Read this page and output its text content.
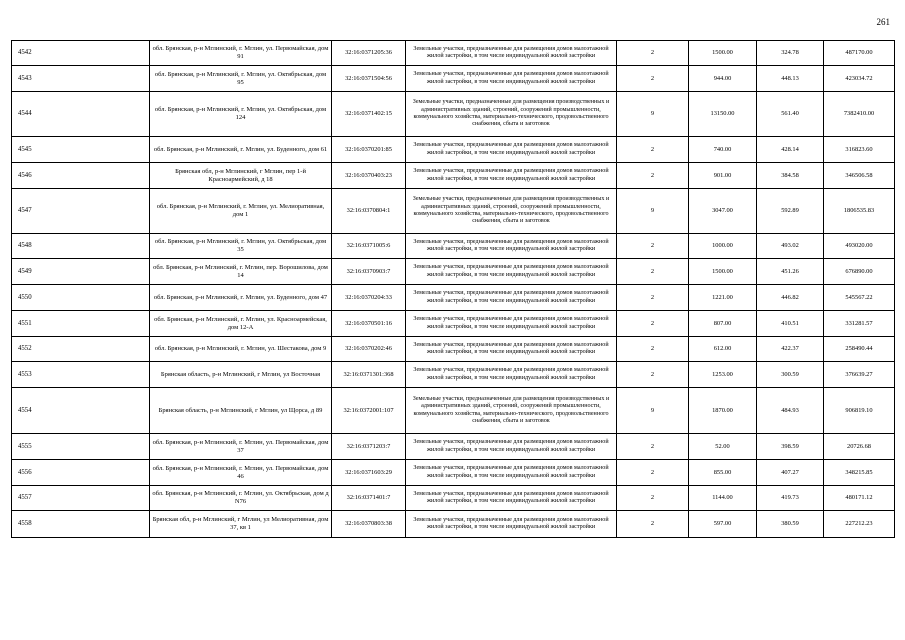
261
4542	обл. Брянская, р-н Мглинский, г. Мглин, ул. Первомайская, дом 91	32:16:0371205:36	Земельные участки, предназначенные для размещения домов малоэтажной жилой застройки, в том числе индивидуальной жилой застройки	2	1500.00	324.78	487170.00
4543	обл. Брянская, р-н Мглинский, г. Мглин, ул. Октябрьская, дом 95	32:16:0371504:56	Земельные участки, предназначенные для размещения домов малоэтажной жилой застройки, в том числе индивидуальной жилой застройки	2	944.00	448.13	423034.72
4544	обл. Брянская, р-н Мглинский, г. Мглин, ул. Октябрьская, дом 124	32:16:0371402:15	Земельные участки, предназначенные для размещения производственных и административных зданий, строений, сооружений промышленности, коммунального хозяйства, материально-технического, продовольственного снабжения, сбыта и заготовок	9	13150.00	561.40	7382410.00
4545	обл. Брянская, р-н Мглинский, г. Мглин, ул. Буденного, дом 61	32:16:0370201:85	Земельные участки, предназначенные для размещения домов малоэтажной жилой застройки, в том числе индивидуальной жилой застройки	2	740.00	428.14	316823.60
4546	Брянская обл, р-н Мглинский, г Мглин, пер 1-й Красноармейский, д 18	32:16:0370403:23	Земельные участки, предназначенные для размещения домов малоэтажной жилой застройки, в том числе индивидуальной жилой застройки	2	901.00	384.58	346506.58
4547	обл. Брянская, р-н Мглинский, г. Мглин, ул. Мелиоративная, дом 1	32:16:0370804:1	Земельные участки, предназначенные для размещения производственных и административных зданий, строений, сооружений промышленности, коммунального хозяйства, материально-технического, продовольственного снабжения, сбыта и заготовок	9	3047.00	592.89	1806535.83
4548	обл. Брянская, р-н Мглинский, г. Мглин, ул. Октябрьская, дом 35	32:16:0371005:6	Земельные участки, предназначенные для размещения домов малоэтажной жилой застройки, в том числе индивидуальной жилой застройки	2	1000.00	493.02	493020.00
4549	обл. Брянская, р-н Мглинский, г. Мглин, пер. Ворошилова, дом 14	32:16:0370903:7	Земельные участки, предназначенные для размещения домов малоэтажной жилой застройки, в том числе индивидуальной жилой застройки	2	1500.00	451.26	676890.00
4550	обл. Брянская, р-н Мглинский, г. Мглин, ул. Буденного, дом 47	32:16:0370204:33	Земельные участки, предназначенные для размещения домов малоэтажной жилой застройки, в том числе индивидуальной жилой застройки	2	1221.00	446.82	545567.22
4551	обл. Брянская, р-н Мглинский, г. Мглин, ул. Красноармейская, дом 12-А	32:16:0370501:16	Земельные участки, предназначенные для размещения домов малоэтажной жилой застройки, в том числе индивидуальной жилой застройки	2	807.00	410.51	331281.57
4552	обл. Брянская, р-н Мглинский, г. Мглин, ул. Шестакова, дом 9	32:16:0370202:46	Земельные участки, предназначенные для размещения домов малоэтажной жилой застройки, в том числе индивидуальной жилой застройки	2	612.00	422.37	258490.44
4553	Брянская область, р-н Мглинский, г Мглин, ул Восточная	32:16:0371301:368	Земельные участки, предназначенные для размещения домов малоэтажной жилой застройки, в том числе индивидуальной жилой застройки	2	1253.00	300.59	376639.27
4554	Брянская область, р-н Мглинский, г Мглин, ул Щорса, д 89	32:16:0372001:107	Земельные участки, предназначенные для размещения производственных и административных зданий, строений, сооружений промышленности, коммунального хозяйства, материально-технического, продовольственного снабжения, сбыта и заготовок	9	1870.00	484.93	906819.10
4555	обл. Брянская, р-н Мглинский, г. Мглин, ул. Первомайская, дом 37	32:16:0371203:7	Земельные участки, предназначенные для размещения домов малоэтажной жилой застройки, в том числе индивидуальной жилой застройки	2	52.00	398.59	20726.68
4556	обл. Брянская, р-н Мглинский, г. Мглин, ул. Первомайская, дом 46	32:16:0371603:29	Земельные участки, предназначенные для размещения домов малоэтажной жилой застройки, в том числе индивидуальной жилой застройки	2	855.00	407.27	348215.85
4557	обл. Брянская, р-н Мглинский, г. Мглин, ул. Октябрьская, дом д N76	32:16:0371401:7	Земельные участки, предназначенные для размещения домов малоэтажной жилой застройки, в том числе индивидуальной жилой застройки	2	1144.00	419.73	480171.12
4558	Брянская обл, р-н Мглинский, г Мглин, ул Мелиоративная, дом 37, кв 1	32:16:0370803:38	Земельные участки, предназначенные для размещения домов малоэтажной жилой застройки, в том числе индивидуальной жилой застройки	2	597.00	380.59	227212.23
